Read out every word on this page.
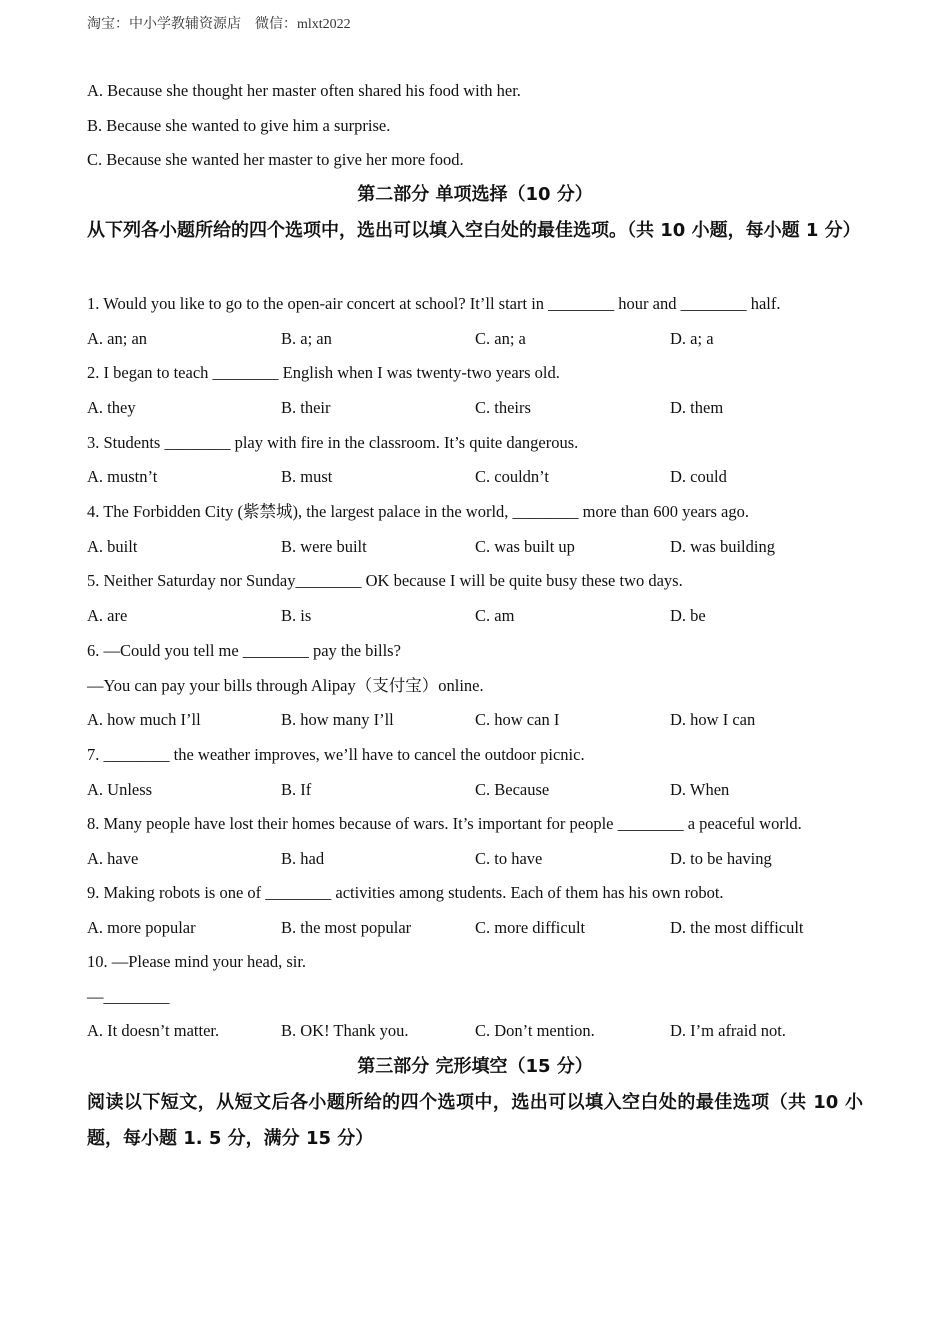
淘宝：中小学教辅资源店 微信：mlxt2022
A. Because she thought her master often shared his food with her.
B. Because she wanted to give him a surprise.
C. Because she wanted her master to give her more food.
第二部分 单项选择（10 分）
从下列各小题所给的四个选项中，选出可以填入空白处的最佳选项。（共 10 小题，每小题 1 分）
1. Would you like to go to the open-air concert at school? It’ll start in ________ hour and ________ half.
A. an; an	B. a; an	C. an; a	D. a; a
2. I began to teach ________ English when I was twenty-two years old.
A. they	B. their	C. theirs	D. them
3. Students ________ play with fire in the classroom. It’s quite dangerous.
A. mustn’t	B. must	C. couldn’t	D. could
4. The Forbidden City (紫禁城), the largest palace in the world, ________ more than 600 years ago.
A. built	B. were built	C. was built up	D. was building
5. Neither Saturday nor Sunday________ OK because I will be quite busy these two days.
A. are	B. is	C. am	D. be
6. —Could you tell me ________ pay the bills?
—You can pay your bills through Alipay（支付宝）online.
A. how much I’ll	B. how many I’ll	C. how can I	D. how I can
7. ________ the weather improves, we’ll have to cancel the outdoor picnic.
A. Unless	B. If	C. Because	D. When
8. Many people have lost their homes because of wars. It’s important for people ________ a peaceful world.
A. have	B. had	C. to have	D. to be having
9. Making robots is one of ________ activities among students. Each of them has his own robot.
A. more popular	B. the most popular	C. more difficult	D. the most difficult
10. —Please mind your head, sir.
—________
A. It doesn’t matter.	B. OK! Thank you.	C. Don’t mention.	D. I’m afraid not.
第三部分 完形填空（15 分）
阅读以下短文，从短文后各小题所给的四个选项中，选出可以填入空白处的最佳选项（共 10 小题，每小题 1. 5 分，满分 15 分）
